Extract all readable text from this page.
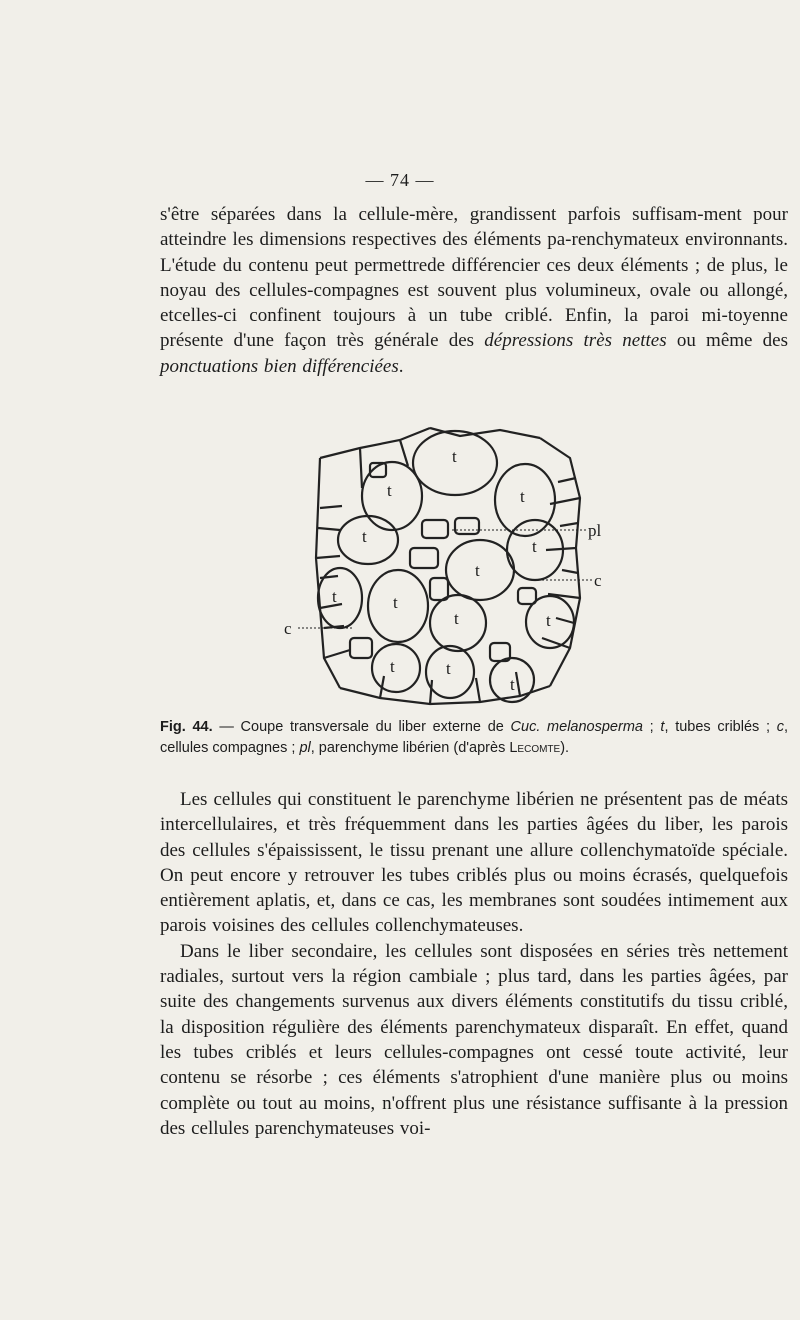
— 74 —

s'être séparées dans la cellule-mère, grandissent parfois suffisam-ment pour atteindre les dimensions respectives des éléments pa-renchymateux environnants. L'étude du contenu peut permettrede différencier ces deux éléments ; de plus, le noyau des cellules-compagnes est souvent plus volumineux, ovale ou allongé, etcelles-ci confinent toujours à un tube criblé. Enfin, la paroi mi-toyenne présente d'une façon très générale des dépressions très nettes ou même des ponctuations bien différenciées.

t
t	t
t
t
t
t
t
t
t
t	t
t
pl
c
c
Fig. 44. — Coupe transversale du liber externe de Cuc. melanosperma ; t, tubes criblés ; c, cellules compagnes ; pl, parenchyme libérien (d'après Lecomte).

Les cellules qui constituent le parenchyme libérien ne présentent pas de méats intercellulaires, et très fréquemment dans les parties âgées du liber, les parois des cellules s'épaississent, le tissu prenant une allure collenchymatoïde spéciale. On peut encore y retrouver les tubes criblés plus ou moins écrasés, quelquefois entièrement aplatis, et, dans ce cas, les membranes sont soudées intimement aux parois voisines des cellules collenchymateuses.

Dans le liber secondaire, les cellules sont disposées en séries très nettement radiales, surtout vers la région cambiale ; plus tard, dans les parties âgées, par suite des changements survenus aux divers éléments constitutifs du tissu criblé, la disposition régulière des éléments parenchymateux disparaît. En effet, quand les tubes criblés et leurs cellules-compagnes ont cessé toute activité, leur contenu se résorbe ; ces éléments s'atrophient d'une manière plus ou moins complète ou tout au moins, n'offrent plus une résistance suffisante à la pression des cellules parenchymateuses voi-
